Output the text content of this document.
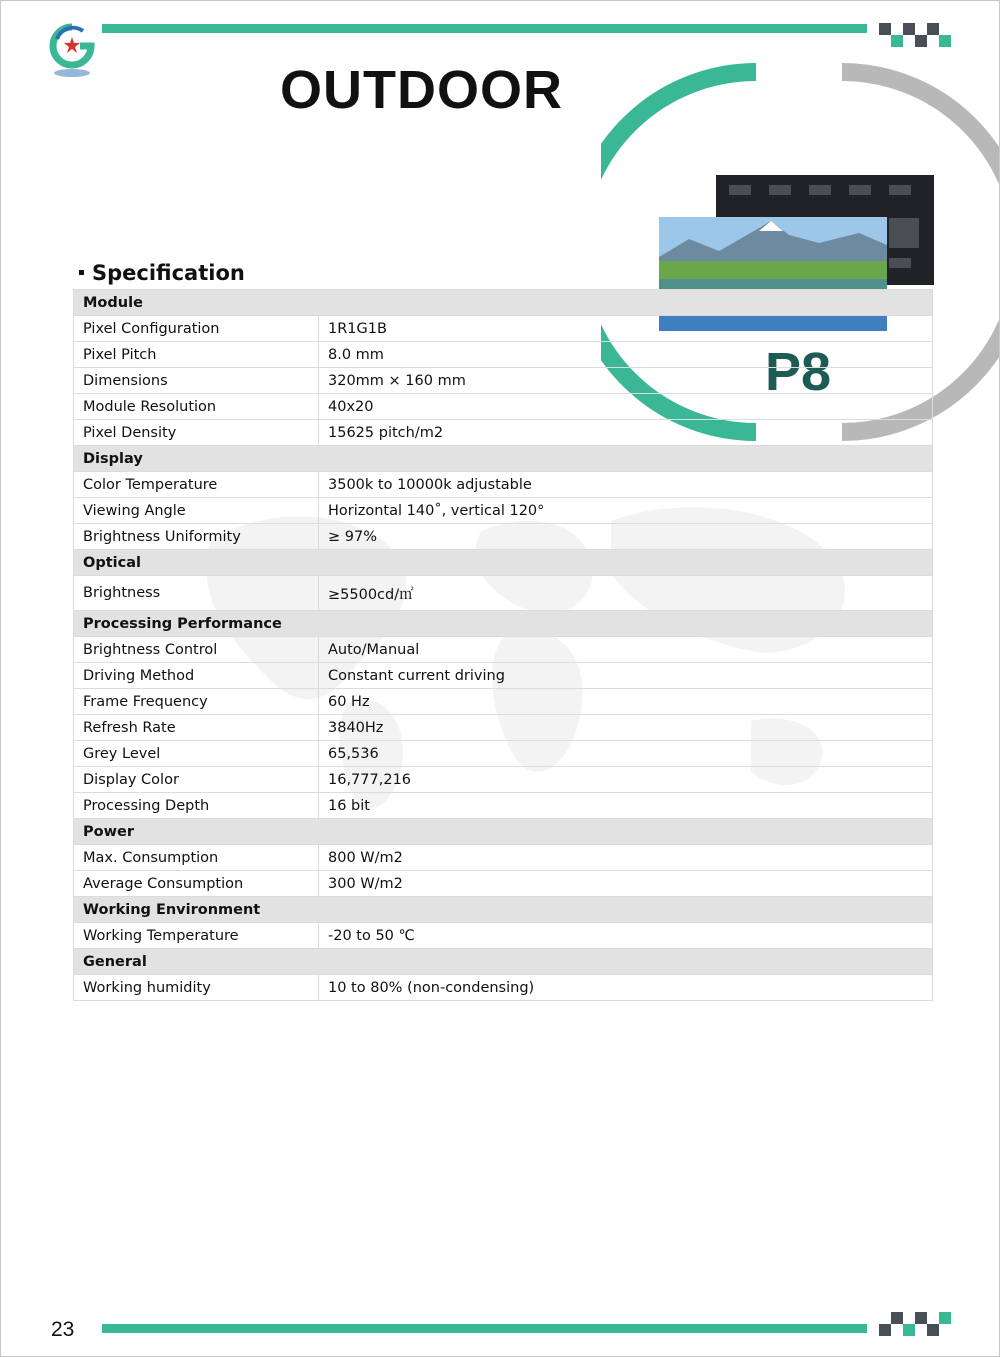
OUTDOOR
P8
Specification
Module	
Pixel Configuration	1R1G1B
Pixel Pitch	8.0 mm
Dimensions	320mm × 160 mm
Module Resolution	40x20
Pixel Density	15625 pitch/m2
Display	
Color Temperature	3500k to 10000k adjustable
Viewing Angle	Horizontal 140˚, vertical 120°
Brightness Uniformity	≥ 97%
Optical	
Brightness	≥5500cd/㎡
Processing Performance	
Brightness Control	Auto/Manual
Driving Method	Constant current driving
Frame Frequency	60 Hz
Refresh Rate	3840Hz
Grey Level	65,536
Display Color	16,777,216
Processing Depth	16 bit
Power	
Max. Consumption	800 W/m2
Average Consumption	300 W/m2
Working Environment	
Working Temperature	-20 to 50 ℃
General	
Working humidity	10 to 80% (non-condensing)
23
